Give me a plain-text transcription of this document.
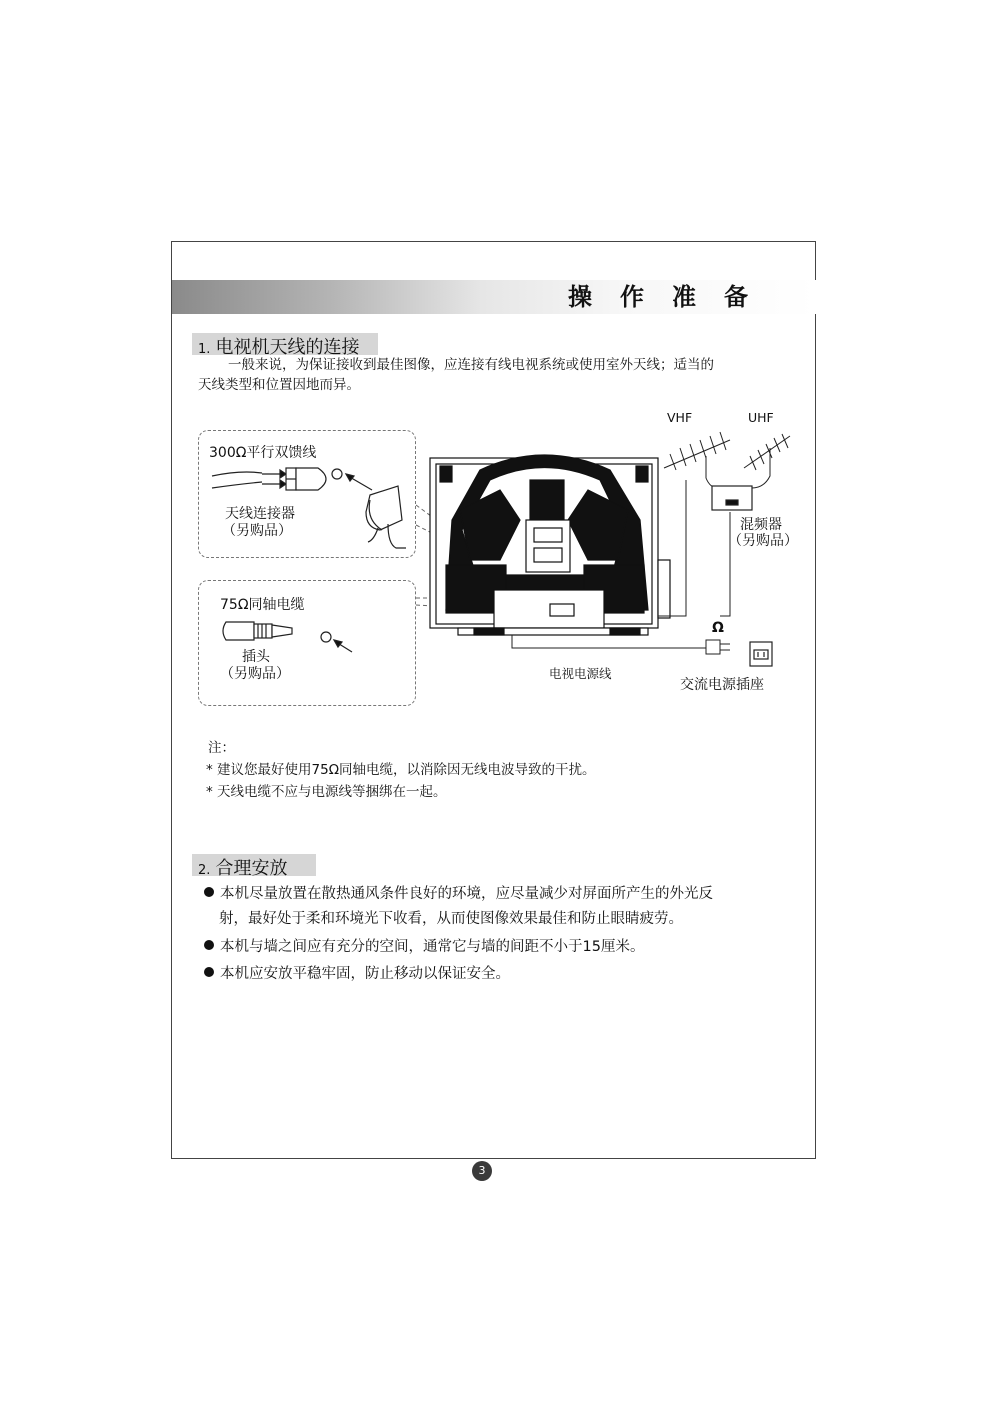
操作准备
1. 电视机天线的连接
一般来说，为保证接收到最佳图像，应连接有线电视系统或使用室外天线；适当的
天线类型和位置因地而异。
300Ω平行双馈线
天线连接器
（另购品）
75Ω同轴电缆
插头
（另购品）
VHF	UHF
混频器
（另购品）
Ω
电视电源线
交流电源插座
注：
* 建议您最好使用75Ω同轴电缆，以消除因无线电波导致的干扰。
* 天线电缆不应与电源线等捆绑在一起。
2. 合理安放
本机尽量放置在散热通风条件良好的环境，应尽量减少对屏面所产生的外光反
射，最好处于柔和环境光下收看，从而使图像效果最佳和防止眼睛疲劳。
本机与墙之间应有充分的空间，通常它与墙的间距不小于15厘米。
本机应安放平稳牢固，防止移动以保证安全。
3
